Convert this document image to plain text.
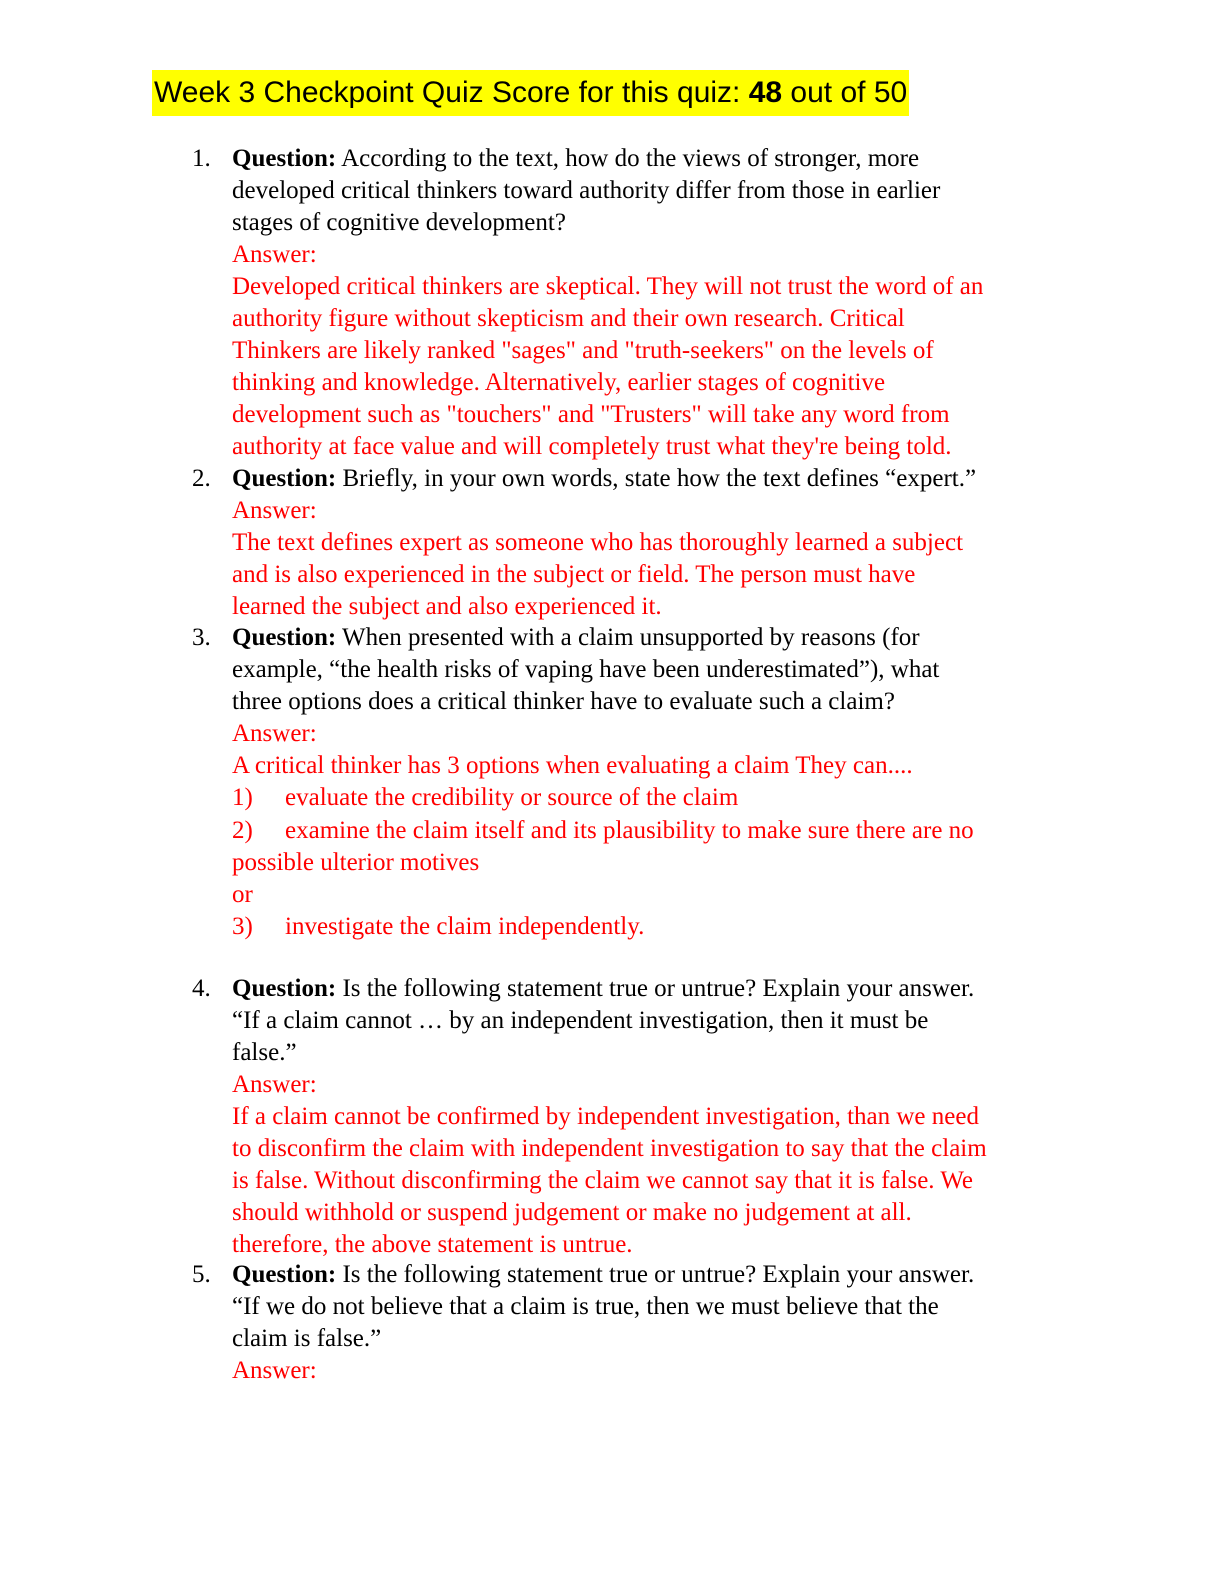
Week 3 Checkpoint Quiz Score for this quiz: 48 out of 50
1. Question: According to the text, how do the views of stronger, more
developed critical thinkers toward authority differ from those in earlier
stages of cognitive development?
Answer:
Developed critical thinkers are skeptical. They will not trust the word of an
authority figure without skepticism and their own research. Critical
Thinkers are likely ranked "sages" and "truth-seekers" on the levels of
thinking and knowledge. Alternatively, earlier stages of cognitive
development such as "touchers" and "Trusters" will take any word from
authority at face value and will completely trust what they're being told.
2. Question: Briefly, in your own words, state how the text defines “expert.”
Answer:
The text defines expert as someone who has thoroughly learned a subject
and is also experienced in the subject or field. The person must have
learned the subject and also experienced it.
3. Question: When presented with a claim unsupported by reasons (for
example, “the health risks of vaping have been underestimated”), what
three options does a critical thinker have to evaluate such a claim?
Answer:
A critical thinker has 3 options when evaluating a claim They can....
1) evaluate the credibility or source of the claim
2) examine the claim itself and its plausibility to make sure there are no
possible ulterior motives
or
3) investigate the claim independently.
4. Question: Is the following statement true or untrue? Explain your answer.
“If a claim cannot … by an independent investigation, then it must be
false.”
Answer:
If a claim cannot be confirmed by independent investigation, than we need
to disconfirm the claim with independent investigation to say that the claim
is false. Without disconfirming the claim we cannot say that it is false. We
should withhold or suspend judgement or make no judgement at all.
therefore, the above statement is untrue.
5. Question: Is the following statement true or untrue? Explain your answer.
“If we do not believe that a claim is true, then we must believe that the
claim is false.”
Answer:
